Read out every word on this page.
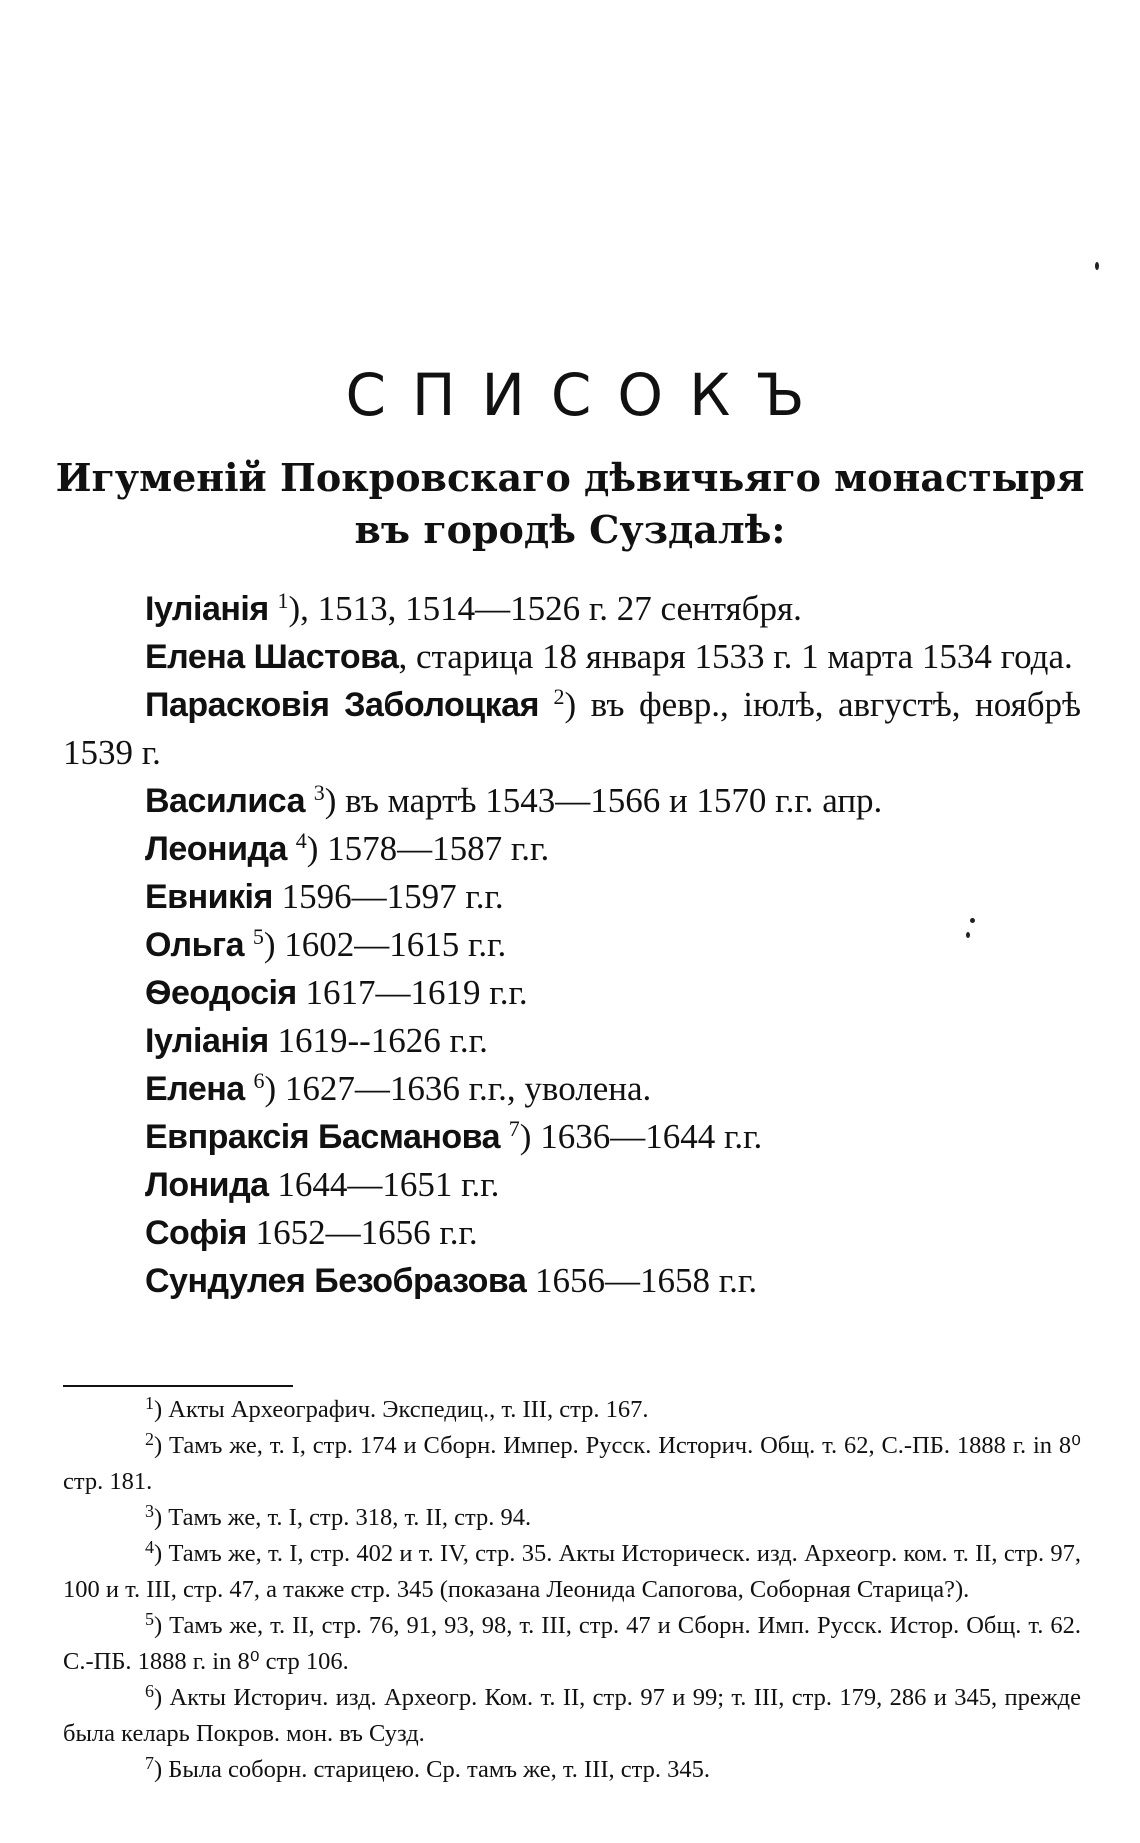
СПИСОКЪ
Игуменій Покровскаго дѣвичьяго монастыря
въ городѣ Суздалѣ:

Іуліанія $^1$), 1513, 1514—1526 г. 27 сентября.

Елена Шастова, старица 18 января 1533 г. 1 марта 1534 года.

Парасковія Заболоцкая $^2$) въ февр., іюлѣ, августѣ, ноябрѣ 1539 г.

Василиса $^3$) въ мартѣ 1543—1566 и 1570 г.г. апр.

Леонида $^4$) 1578—1587 г.г.

Евникія 1596—1597 г.г.

Ольга $^5$) 1602—1615 г.г.

Ѳеодосія 1617—1619 г.г.

Іуліанія 1619--1626 г.г.

Елена $^6$) 1627—1636 г.г., уволена.

Евпраксія Басманова $^7$) 1636—1644 г.г.

Лонида 1644—1651 г.г.

Софія 1652—1656 г.г.

Сундулея Безобразова 1656—1658 г.г.

$^1$) Акты Археографич. Экспедиц., т. III, стр. 167.

$^2$) Тамъ же, т. I, стр. 174 и Сборн. Импер. Русск. Историч. Общ. т. 62, С.-ПБ. 1888 г. in 8⁰ стр. 181.

$^3$) Тамъ же, т. I, стр. 318, т. II, стр. 94.

$^4$) Тамъ же, т. I, стр. 402 и т. IV, стр. 35. Акты Историческ. изд. Археогр. ком. т. II, стр. 97, 100 и т. III, стр. 47, а также стр. 345 (показана Леонида Сапогова, Соборная Старица?).

$^5$) Тамъ же, т. II, стр. 76, 91, 93, 98, т. III, стр. 47 и Сборн. Имп. Русск. Истор. Общ. т. 62. С.-ПБ. 1888 г. in 8⁰ стр 106.

$^6$) Акты Историч. изд. Археогр. Ком. т. II, стр. 97 и 99; т. III, стр. 179, 286 и 345, прежде была келарь Покров. мон. въ Сузд.

$^7$) Была соборн. старицею. Ср. тамъ же, т. III, стр. 345.
